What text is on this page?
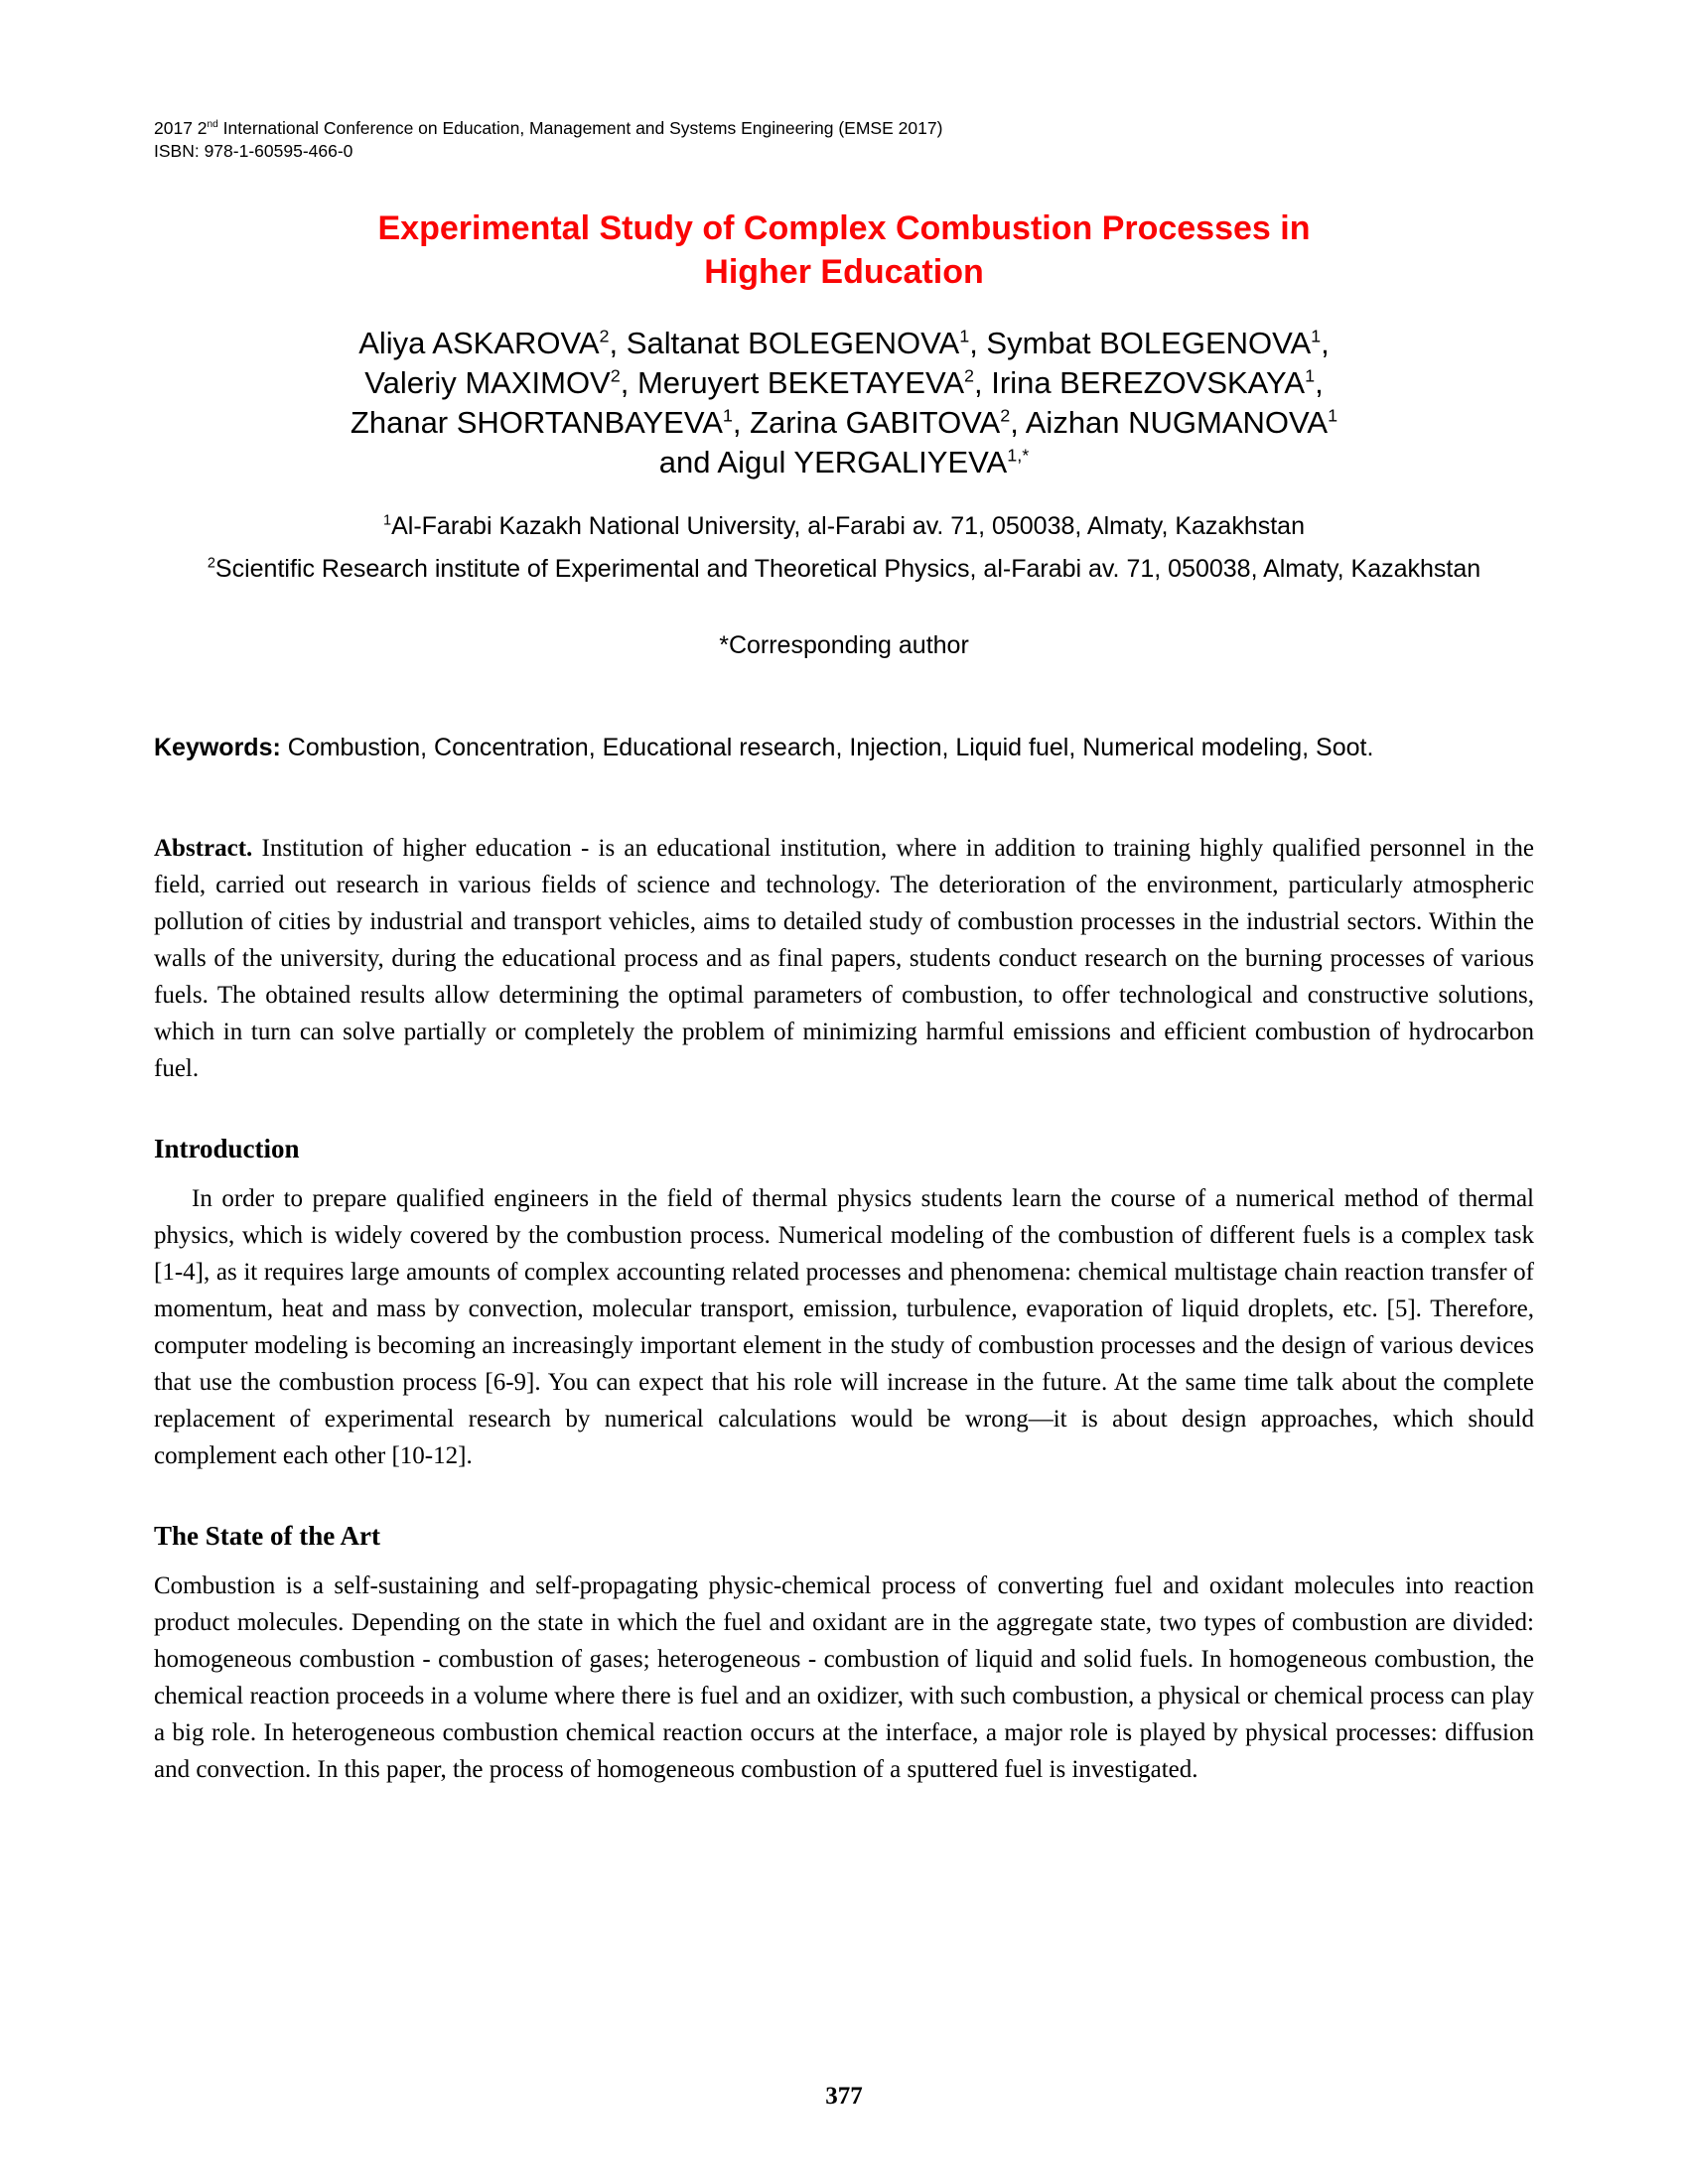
2017 2nd International Conference on Education, Management and Systems Engineering (EMSE 2017)
ISBN: 978-1-60595-466-0
Experimental Study of Complex Combustion Processes in
Higher Education
Aliya ASKAROVA$^2$, Saltanat BOLEGENOVA$^1$, Symbat BOLEGENOVA$^1$,
Valeriy MAXIMOV$^2$, Meruyert BEKETAYEVA$^2$, Irina BEREZOVSKAYA$^1$,
Zhanar SHORTANBAYEVA$^1$, Zarina GABITOVA$^2$, Aizhan NUGMANOVA$^1$
and Aigul $YERGALIYEVA^{1,*}$
$^1$Al-Farabi Kazakh National University, al-Farabi av. 71, 050038, Almaty, Kazakhstan
$^2$Scientific Research institute of Experimental and Theoretical Physics, al-Farabi av. 71, 050038, Almaty, Kazakhstan
*Corresponding author

Keywords: Combustion, Concentration, Educational research, Injection, Liquid fuel, Numerical modeling, Soot.

Abstract. Institution of higher education - is an educational institution, where in addition to training highly qualified personnel in the field, carried out research in various fields of science and technology. The deterioration of the environment, particularly atmospheric pollution of cities by industrial and transport vehicles, aims to detailed study of combustion processes in the industrial sectors. Within the walls of the university, during the educational process and as final papers, students conduct research on the burning processes of various fuels. The obtained results allow determining the optimal parameters of combustion, to offer technological and constructive solutions, which in turn can solve partially or completely the problem of minimizing harmful emissions and efficient combustion of hydrocarbon fuel.

Introduction

In order to prepare qualified engineers in the field of thermal physics students learn the course of a numerical method of thermal physics, which is widely covered by the combustion process. Numerical modeling of the combustion of different fuels is a complex task [1-4], as it requires large amounts of complex accounting related processes and phenomena: chemical multistage chain reaction transfer of momentum, heat and mass by convection, molecular transport, emission, turbulence, evaporation of liquid droplets, etc. [5]. Therefore, computer modeling is becoming an increasingly important element in the study of combustion processes and the design of various devices that use the combustion process [6-9]. You can expect that his role will increase in the future. At the same time talk about the complete replacement of experimental research by numerical calculations would be wrong—it is about design approaches, which should complement each other [10-12].

The State of the Art

Combustion is a self-sustaining and self-propagating physic-chemical process of converting fuel and oxidant molecules into reaction product molecules. Depending on the state in which the fuel and oxidant are in the aggregate state, two types of combustion are divided: homogeneous combustion - combustion of gases; heterogeneous - combustion of liquid and solid fuels. In homogeneous combustion, the chemical reaction proceeds in a volume where there is fuel and an oxidizer, with such combustion, a physical or chemical process can play a big role. In heterogeneous combustion chemical reaction occurs at the interface, a major role is played by physical processes: diffusion and convection. In this paper, the process of homogeneous combustion of a sputtered fuel is investigated.

377
